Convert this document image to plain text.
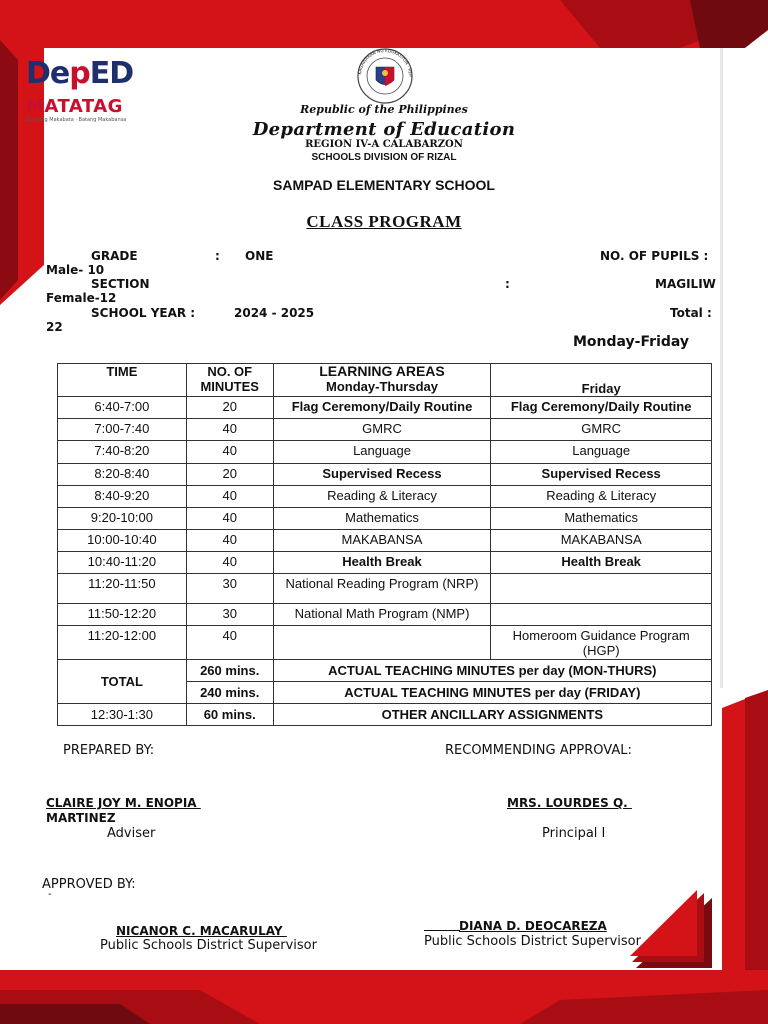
DepED
MATATAG
Bansang Makabata · Batang Makabansa
KAGAWARAN NG EDUKASYON · REP
Republic of the Philippines
Department of Education
REGION IV-A CALABARZON
SCHOOLS DIVISION OF RIZAL
SAMPAD ELEMENTARY SCHOOL
CLASS PROGRAM
GRADE	: ONE	NO. OF PUPILS :
Male- 10
SECTION	:	MAGILIW
Female-12
SCHOOL YEAR :	2024 - 2025	Total :
22
Monday-Friday
TIME	NO. OF MINUTES	LEARNING AREAS
Monday-Thursday	Friday
6:40-7:00	20	Flag Ceremony/Daily Routine	Flag Ceremony/Daily Routine
7:00-7:40	40	GMRC	GMRC
7:40-8:20	40	Language	Language
8:20-8:40	20	Supervised Recess	Supervised Recess
8:40-9:20	40	Reading & Literacy	Reading & Literacy
9:20-10:00	40	Mathematics	Mathematics
10:00-10:40	40	MAKABANSA	MAKABANSA
10:40-11:20	40	Health Break	Health Break
11:20-11:50	30	National Reading Program (NRP)	
11:50-12:20	30	National Math Program (NMP)	
11:20-12:00	40		Homeroom Guidance Program (HGP)
TOTAL	260 mins.	ACTUAL TEACHING MINUTES per day (MON-THURS)	
	240 mins.	ACTUAL TEACHING MINUTES per day (FRIDAY)	
12:30-1:30	60 mins.	OTHER ANCILLARY ASSIGNMENTS	
PREPARED BY:	RECOMMENDING APPROVAL:
CLAIRE JOY M. ENOPIA
MARTINEZ
Adviser
MRS. LOURDES Q.
Principal I
APPROVED BY:
-
NICANOR C. MACARULAY
Public Schools District Supervisor
DIANA D. DEOCAREZA
Public Schools District Supervisor
